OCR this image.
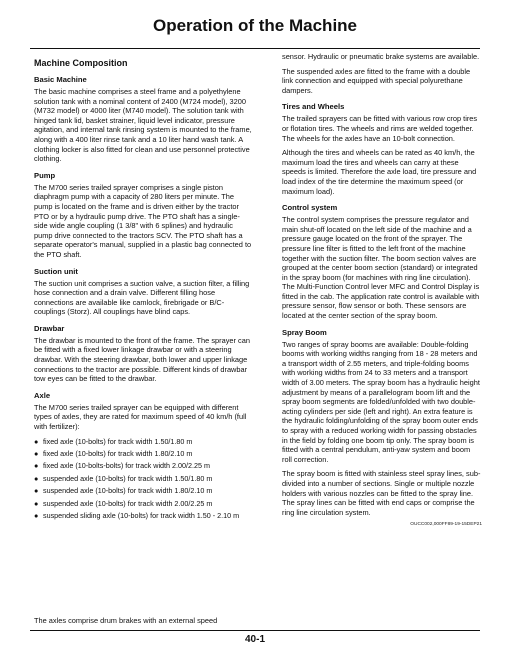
Operation of the Machine
Machine Composition
Basic Machine

The basic machine comprises a steel frame and a polyethylene solution tank with a nominal content of 2400 (M724 model), 3200 (M732 model) or 4000 liter (M740 model). The solution tank with hinged tank lid, basket strainer, liquid level indicator, pressure agitation, and internal tank rinsing system is mounted to the frame, along with a 400 liter rinse tank and a 10 liter hand wash tank. A clothing locker is also fitted for clean and use personnel protective clothing.

Pump

The M700 series trailed sprayer comprises a single piston diaphragm pump with a capacity of 280 liters per minute. The pump is located on the frame and is driven either by the tractor PTO or by a hydraulic pump drive. The PTO shaft has a single-side wide angle coupling (1 3/8" with 6 splines) and hydraulic pump drive connected to the tractors SCV. The PTO shaft has a separate operator's manual, supplied in a plastic bag connected to the PTO shaft.

Suction unit

The suction unit comprises a suction valve, a suction filter, a filling hose connection and a drain valve. Different filling hose connections are available like camlock, firebrigade or B/C-couplings (Storz). All couplings have blind caps.

Drawbar

The drawbar is mounted to the front of the frame. The sprayer can be fitted with a fixed lower linkage drawbar or with a steering drawbar. With the steering drawbar, both lower and upper linkage connections to the tractor are possible. Different kinds of drawbar tow eyes can be fitted to the drawbar.

Axle

The M700 series trailed sprayer can be equipped with different types of axles, they are rated for maximum speed of 40 km/h (full with fertilizer):

● fixed axle (10-bolts) for track width 1.50/1.80 m
● fixed axle (10-bolts) for track width 1.80/2.10 m
● fixed axle (10-bolts-bolts) for track width 2.00/2.25 m
● suspended axle (10-bolts) for track width 1.50/1.80 m
● suspended axle (10-bolts) for track width 1.80/2.10 m
● suspended axle (10-bolts) for track width 2.00/2.25 m
● suspended sliding axle (10-bolts) for track width 1.50 - 2.10 m
The axles comprise drum brakes with an external speed

sensor. Hydraulic or pneumatic brake systems are available.

The suspended axles are fitted to the frame with a double link connection and equipped with special polyurethane dampers.

Tires and Wheels

The trailed sprayers can be fitted with various row crop tires or flotation tires. The wheels and rims are welded together. The wheels for the axles have an 10-bolt connection.

Although the tires and wheels can be rated as 40 km/h, the maximum load the tires and wheels can carry at these speeds is limited. Therefore the axle load, tire pressure and load index of the tire determine the maximum speed (or maximum load).

Control system

The control system comprises the pressure regulator and main shut-off located on the left side of the machine and a pressure gauge located on the front of the sprayer. The pressure line filter is fitted to the left front of the machine together with the suction filter. The boom section valves are grouped at the center boom section (standard) or integrated in the spray boom (for machines with ring line circulation). The Multi-Function Control lever MFC and Control Display is fitted in the cab. The application rate control is available with pressure sensor, flow sensor or both. These sensors are located at the center section of the spray boom.

Spray Boom

Two ranges of spray booms are available: Double-folding booms with working widths ranging from 18 - 28 meters and a transport width of 2.55 meters, and triple-folding booms with working widths from 24 to 33 meters and a transport width of 3.00 meters. The spray boom has a hydraulic height adjustment by means of a parallelogram boom lift and the spray boom segments are folded/unfolded with two double-acting cylinders per side (left and right). An extra feature is the hydraulic folding/unfolding of the spray boom outer ends to spray with a reduced working width for passing obstacles in the field by folding one boom tip only. The spray boom is fitted with a central pendulum, anti-yaw system and boom roll correction.

The spray boom is fitted with stainless steel spray lines, sub-divided into a number of sections. Single or multiple nozzle holders with various nozzles can be fitted to the spray line. The spray lines can be fitted with end caps or comprise the ring line circulation system.

OUCC002,000FF89-19-15DEP21
40-1
